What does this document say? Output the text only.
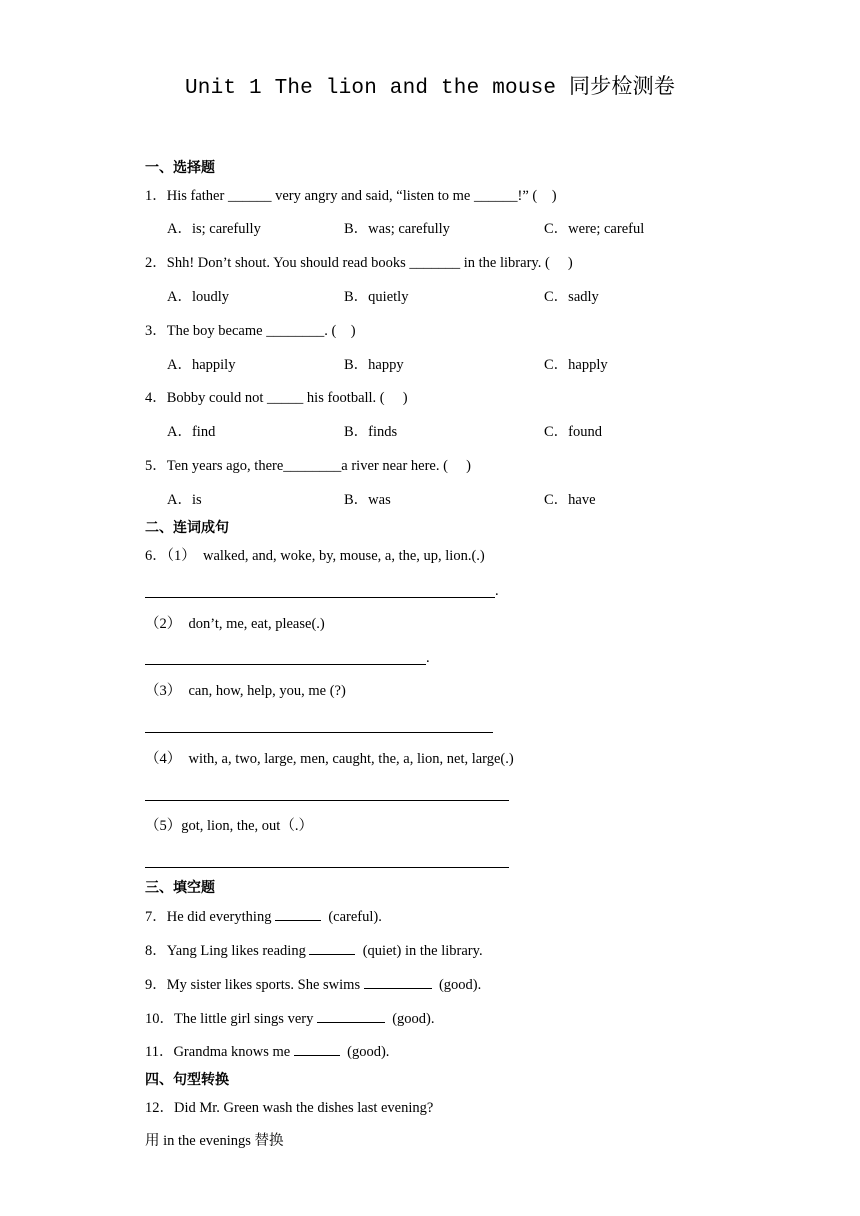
Unit 1 The lion and the mouse 同步检测卷
一、选择题
1．His father ______ very angry and said, “listen to me ______!” (    )
A．is; carefully	B．was; carefully	C．were; careful
2．Shh! Don’t shout. You should read books _______ in the library. (     )
A．loudly	B．quietly	C．sadly
3．The boy became ________. (    )
A．happily	B．happy	C．happly
4．Bobby could not _____ his football. (     )
A．find	B．finds	C．found
5．Ten years ago, there________a river near here. (     )
A．is	B．was	C．have
二、连词成句
6．（1）  walked, and, woke, by, mouse, a, the, up, lion.(.)
.
（2）  don’t, me, eat, please(.)
.
（3）  can, how, help, you, me (?)
（4）  with, a, two, large, men, caught, the, a, lion, net, large(.)
（5）got, lion, the, out（.）
三、填空题
7．He did everything	(careful).
8．Yang Ling likes reading	(quiet) in the library.
9．My sister likes sports. She swims	(good).
10．The little girl sings very	(good).
11．Grandma knows me	(good).
四、句型转换
12．Did Mr. Green wash the dishes last evening?
用 in the evenings 替换
